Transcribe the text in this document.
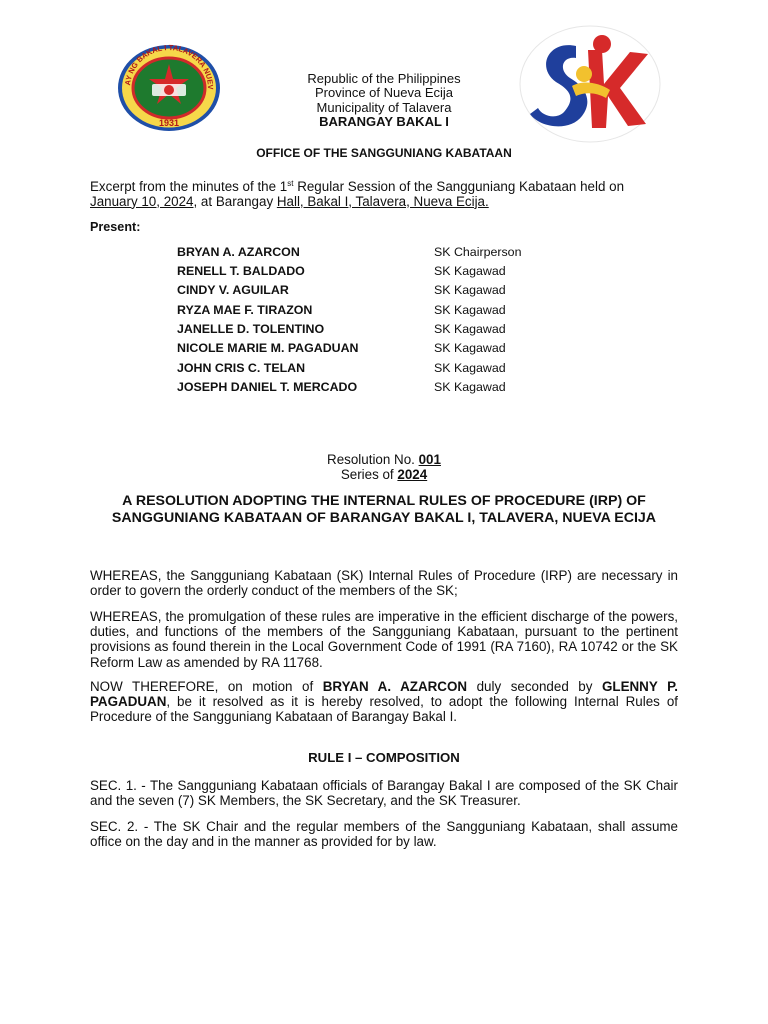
AY NG BAKAL I TALAVERA NUEV
1931
Republic of the Philippines
Province of Nueva Ecija
Municipality of Talavera
BARANGAY BAKAL I
OFFICE OF THE SANGGUNIANG KABATAAN
Excerpt from the minutes of the 1st Regular Session of the Sangguniang Kabataan held on
January 10, 2024, at Barangay Hall, Bakal I, Talavera, Nueva Ecija.
Present:
BRYAN A. AZARCON	SK Chairperson
RENELL T. BALDADO	SK Kagawad
CINDY V. AGUILAR	SK Kagawad
RYZA MAE F. TIRAZON	SK Kagawad
JANELLE D. TOLENTINO	SK Kagawad
NICOLE MARIE M. PAGADUAN	SK Kagawad
JOHN CRIS C. TELAN	SK Kagawad
JOSEPH DANIEL T. MERCADO	SK Kagawad
Resolution No. 001
Series of 2024
A RESOLUTION ADOPTING THE INTERNAL RULES OF PROCEDURE (IRP) OF SANGGUNIANG KABATAAN OF BARANGAY BAKAL I, TALAVERA, NUEVA ECIJA
WHEREAS, the Sangguniang Kabataan (SK) Internal Rules of Procedure (IRP) are necessary in order to govern the orderly conduct of the members of the SK;
WHEREAS, the promulgation of these rules are imperative in the efficient discharge of the powers, duties, and functions of the members of the Sangguniang Kabataan, pursuant to the pertinent provisions as found therein in the Local Government Code of 1991 (RA 7160), RA 10742 or the SK Reform Law as amended by RA 11768.
NOW THEREFORE, on motion of BRYAN A. AZARCON duly seconded by GLENNY P. PAGADUAN, be it resolved as it is hereby resolved, to adopt the following Internal Rules of Procedure of the Sangguniang Kabataan of Barangay Bakal I.
RULE I – COMPOSITION
SEC. 1. - The Sangguniang Kabataan officials of Barangay Bakal I are composed of the SK Chair and the seven (7) SK Members, the SK Secretary, and the SK Treasurer.
SEC. 2. - The SK Chair and the regular members of the Sangguniang Kabataan, shall assume office on the day and in the manner as provided for by law.
